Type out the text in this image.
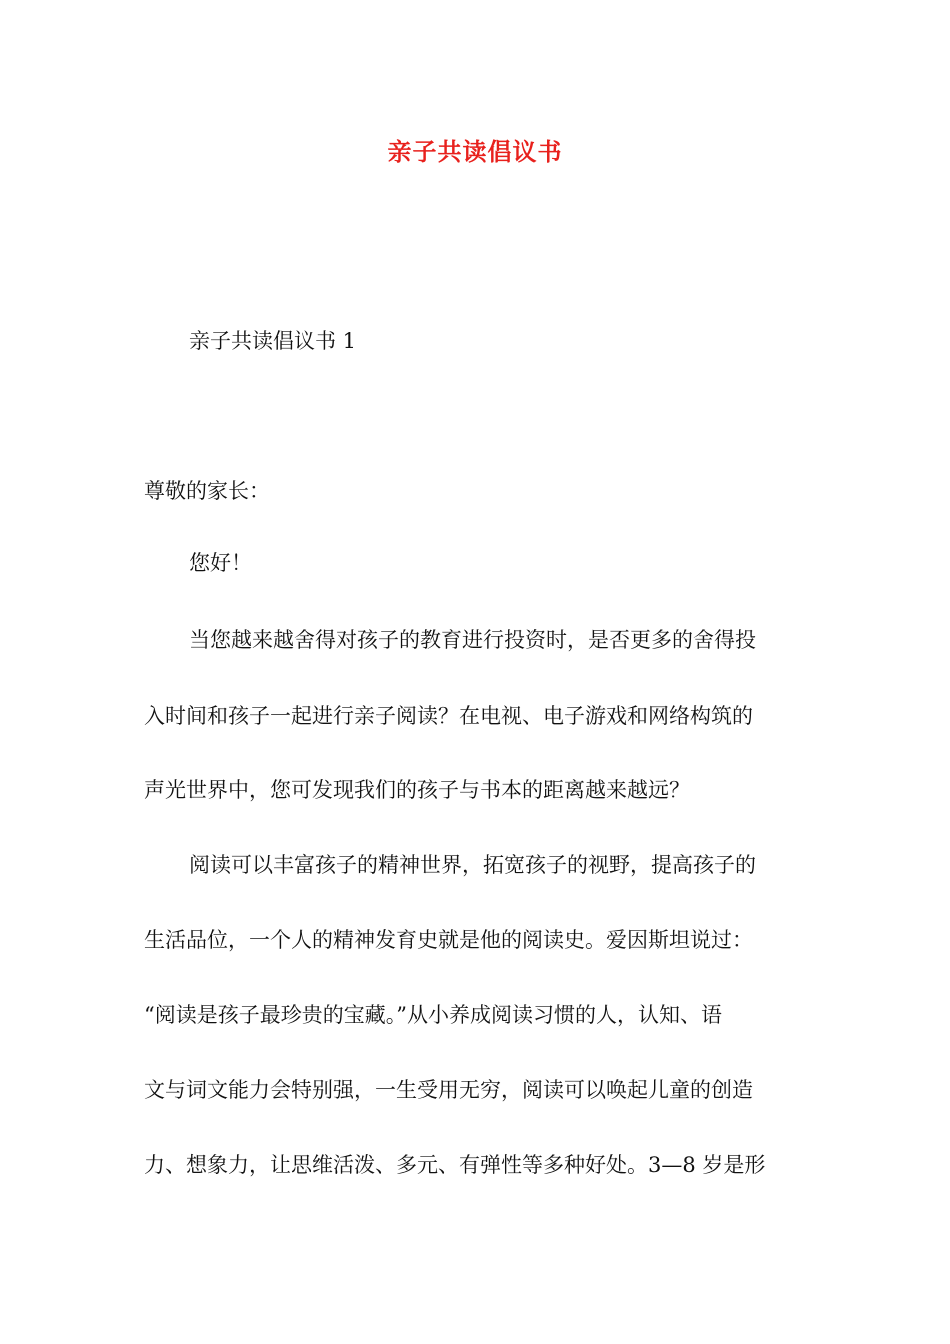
亲子共读倡议书
亲子共读倡议书 1
尊敬的家长：
您好！
当您越来越舍得对孩子的教育进行投资时，是否更多的舍得投
入时间和孩子一起进行亲子阅读？在电视、电子游戏和网络构筑的
声光世界中，您可发现我们的孩子与书本的距离越来越远？
阅读可以丰富孩子的精神世界，拓宽孩子的视野，提高孩子的
生活品位，一个人的精神发育史就是他的阅读史。爱因斯坦说过：
“阅读是孩子最珍贵的宝藏。”从小养成阅读习惯的人，认知、语
文与词文能力会特别强，一生受用无穷，阅读可以唤起儿童的创造
力、想象力，让思维活泼、多元、有弹性等多种好处。3—8 岁是形
